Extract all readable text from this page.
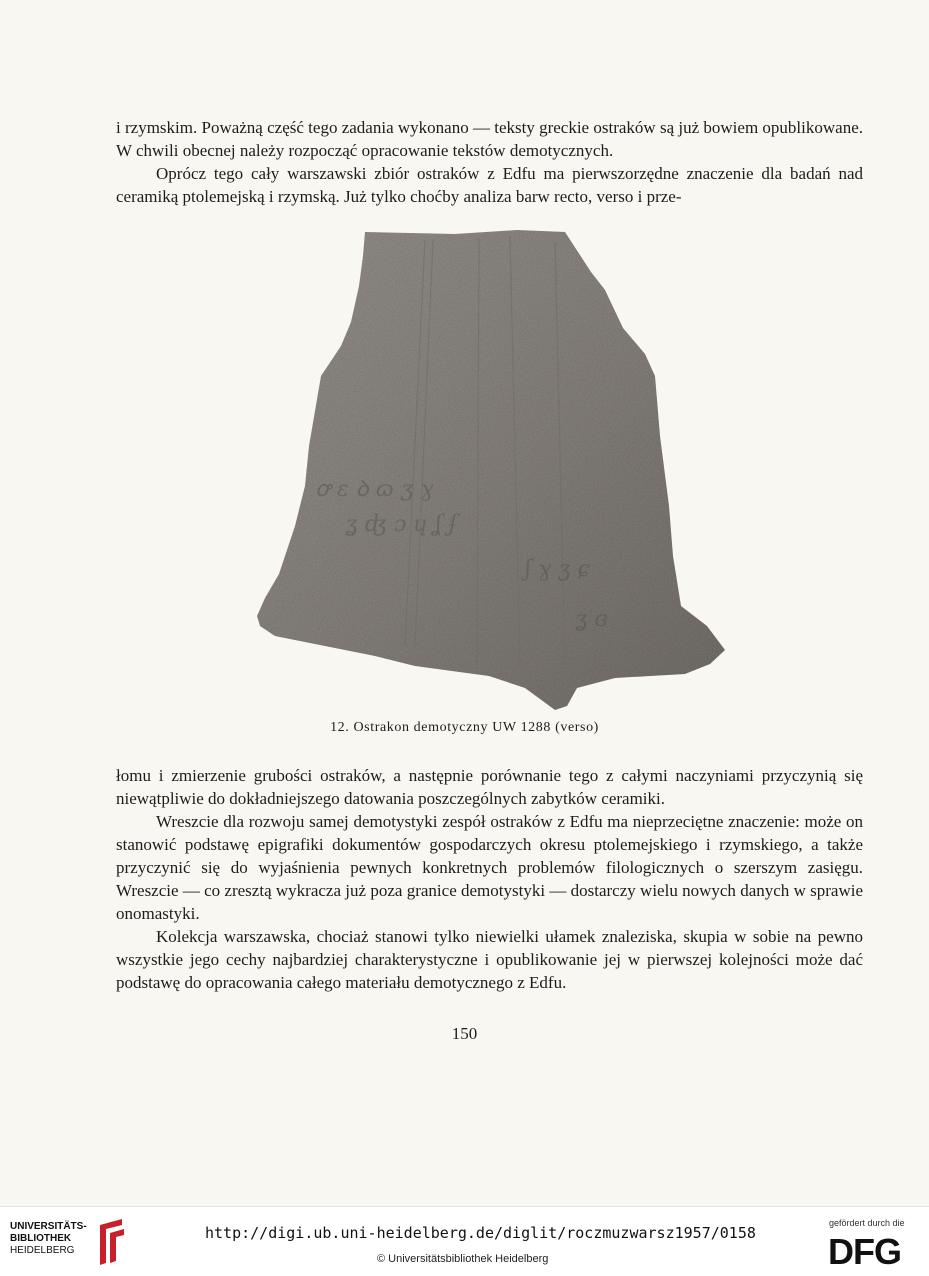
i rzymskim. Poważną część tego zadania wykonano — teksty greckie ostraków są już bowiem opublikowane. W chwili obecnej należy rozpocząć opracowanie tekstów demotycznych.

Oprócz tego cały warszawski zbiór ostraków z Edfu ma pierwszorzędne znaczenie dla badań nad ceramiką ptolemejską i rzymską. Już tylko choćby analiza barw recto, verso i prze-

ꝍ ɛ ꝺ ɷ ʒ ɣ
ʓ ʤ ɔ ɥ ʆ ʄ
ʃ ɣ ʒ ɕ
ʓ ɞ
12. Ostrakon demotyczny UW 1288 (verso)

łomu i zmierzenie grubości ostraków, a następnie porównanie tego z całymi naczyniami przyczynią się niewątpliwie do dokładniejszego datowania poszczególnych zabytków ceramiki.

Wreszcie dla rozwoju samej demotystyki zespół ostraków z Edfu ma nieprzeciętne znaczenie: może on stanowić podstawę epigrafiki dokumentów gospodarczych okresu ptolemejskiego i rzymskiego, a także przyczynić się do wyjaśnienia pewnych konkretnych problemów filologicznych o szerszym zasięgu. Wreszcie — co zresztą wykracza już poza granice demotystyki — dostarczy wielu nowych danych w sprawie onomastyki.

Kolekcja warszawska, chociaż stanowi tylko niewielki ułamek znaleziska, skupia w sobie na pewno wszystkie jego cechy najbardziej charakterystyczne i opublikowanie jej w pierwszej kolejności może dać podstawę do opracowania całego materiału demotycznego z Edfu.

150
UNIVERSITÄTS-
BIBLIOTHEK
HEIDELBERG
http://digi.ub.uni-heidelberg.de/diglit/roczmuzwarsz1957/0158
© Universitätsbibliothek Heidelberg
gefördert durch die
DFG
